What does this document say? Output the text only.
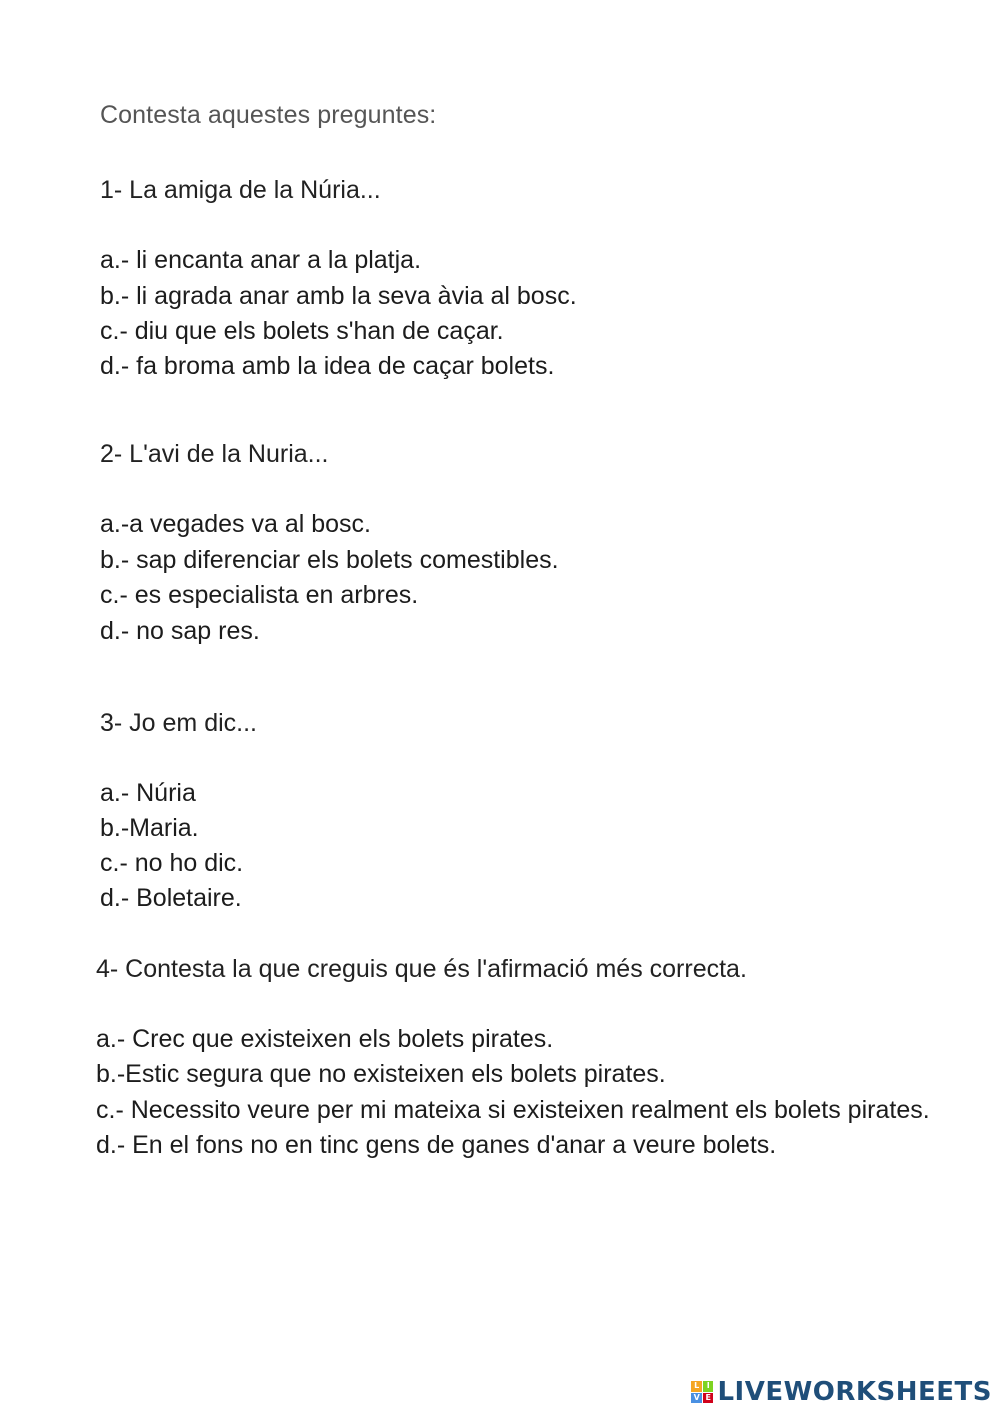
Contesta aquestes preguntes:

1- La amiga de la Núria...

a.- li encanta anar a la platja.

b.- li agrada anar amb la seva àvia al bosc.

c.- diu que els bolets s'han de caçar.

d.- fa broma amb la idea de caçar bolets.

2- L'avi de la Nuria...

a.-a vegades va al bosc.

b.- sap diferenciar els bolets comestibles.

c.- es especialista en arbres.

d.- no sap res.

3- Jo em dic...

a.- Núria

b.-Maria.

c.- no ho dic.

d.- Boletaire.

4- Contesta la que creguis que és l'afirmació més correcta.

a.- Crec que existeixen els bolets pirates.

b.-Estic segura que no existeixen els bolets pirates.

c.- Necessito veure per mi mateixa si existeixen realment els bolets pirates.

d.- En el fons no en tinc gens de ganes d'anar a veure bolets.

L I
V E LIVEWORKSHEETS
